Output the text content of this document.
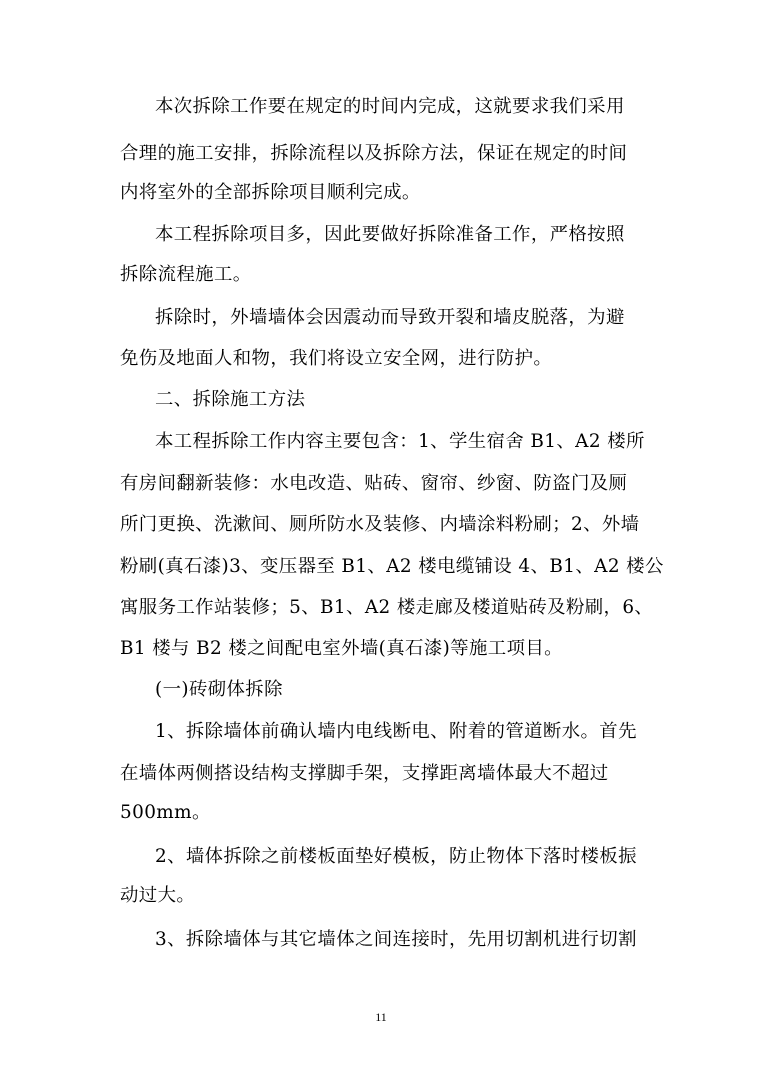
本次拆除工作要在规定的时间内完成，这就要求我们采用
合理的施工安排，拆除流程以及拆除方法，保证在规定的时间
内将室外的全部拆除项目顺利完成。
本工程拆除项目多，因此要做好拆除准备工作，严格按照
拆除流程施工。
拆除时，外墙墙体会因震动而导致开裂和墙皮脱落，为避
免伤及地面人和物，我们将设立安全网，进行防护。
二、拆除施工方法
本工程拆除工作内容主要包含：1、学生宿舍 B1、A2 楼所
有房间翻新装修：水电改造、贴砖、窗帘、纱窗、防盗门及厕
所门更换、洗漱间、厕所防水及装修、内墙涂料粉刷；2、外墙
粉刷(真石漆)3、变压器至 B1、A2 楼电缆铺设 4、B1、A2 楼公
寓服务工作站装修；5、B1、A2 楼走廊及楼道贴砖及粉刷，6、
B1 楼与 B2 楼之间配电室外墙(真石漆)等施工项目。
(一)砖砌体拆除
1、拆除墙体前确认墙内电线断电、附着的管道断水。首先
在墙体两侧搭设结构支撑脚手架，支撑距离墙体最大不超过
500mm。
2、墙体拆除之前楼板面垫好模板，防止物体下落时楼板振
动过大。
3、拆除墙体与其它墙体之间连接时，先用切割机进行切割
11
